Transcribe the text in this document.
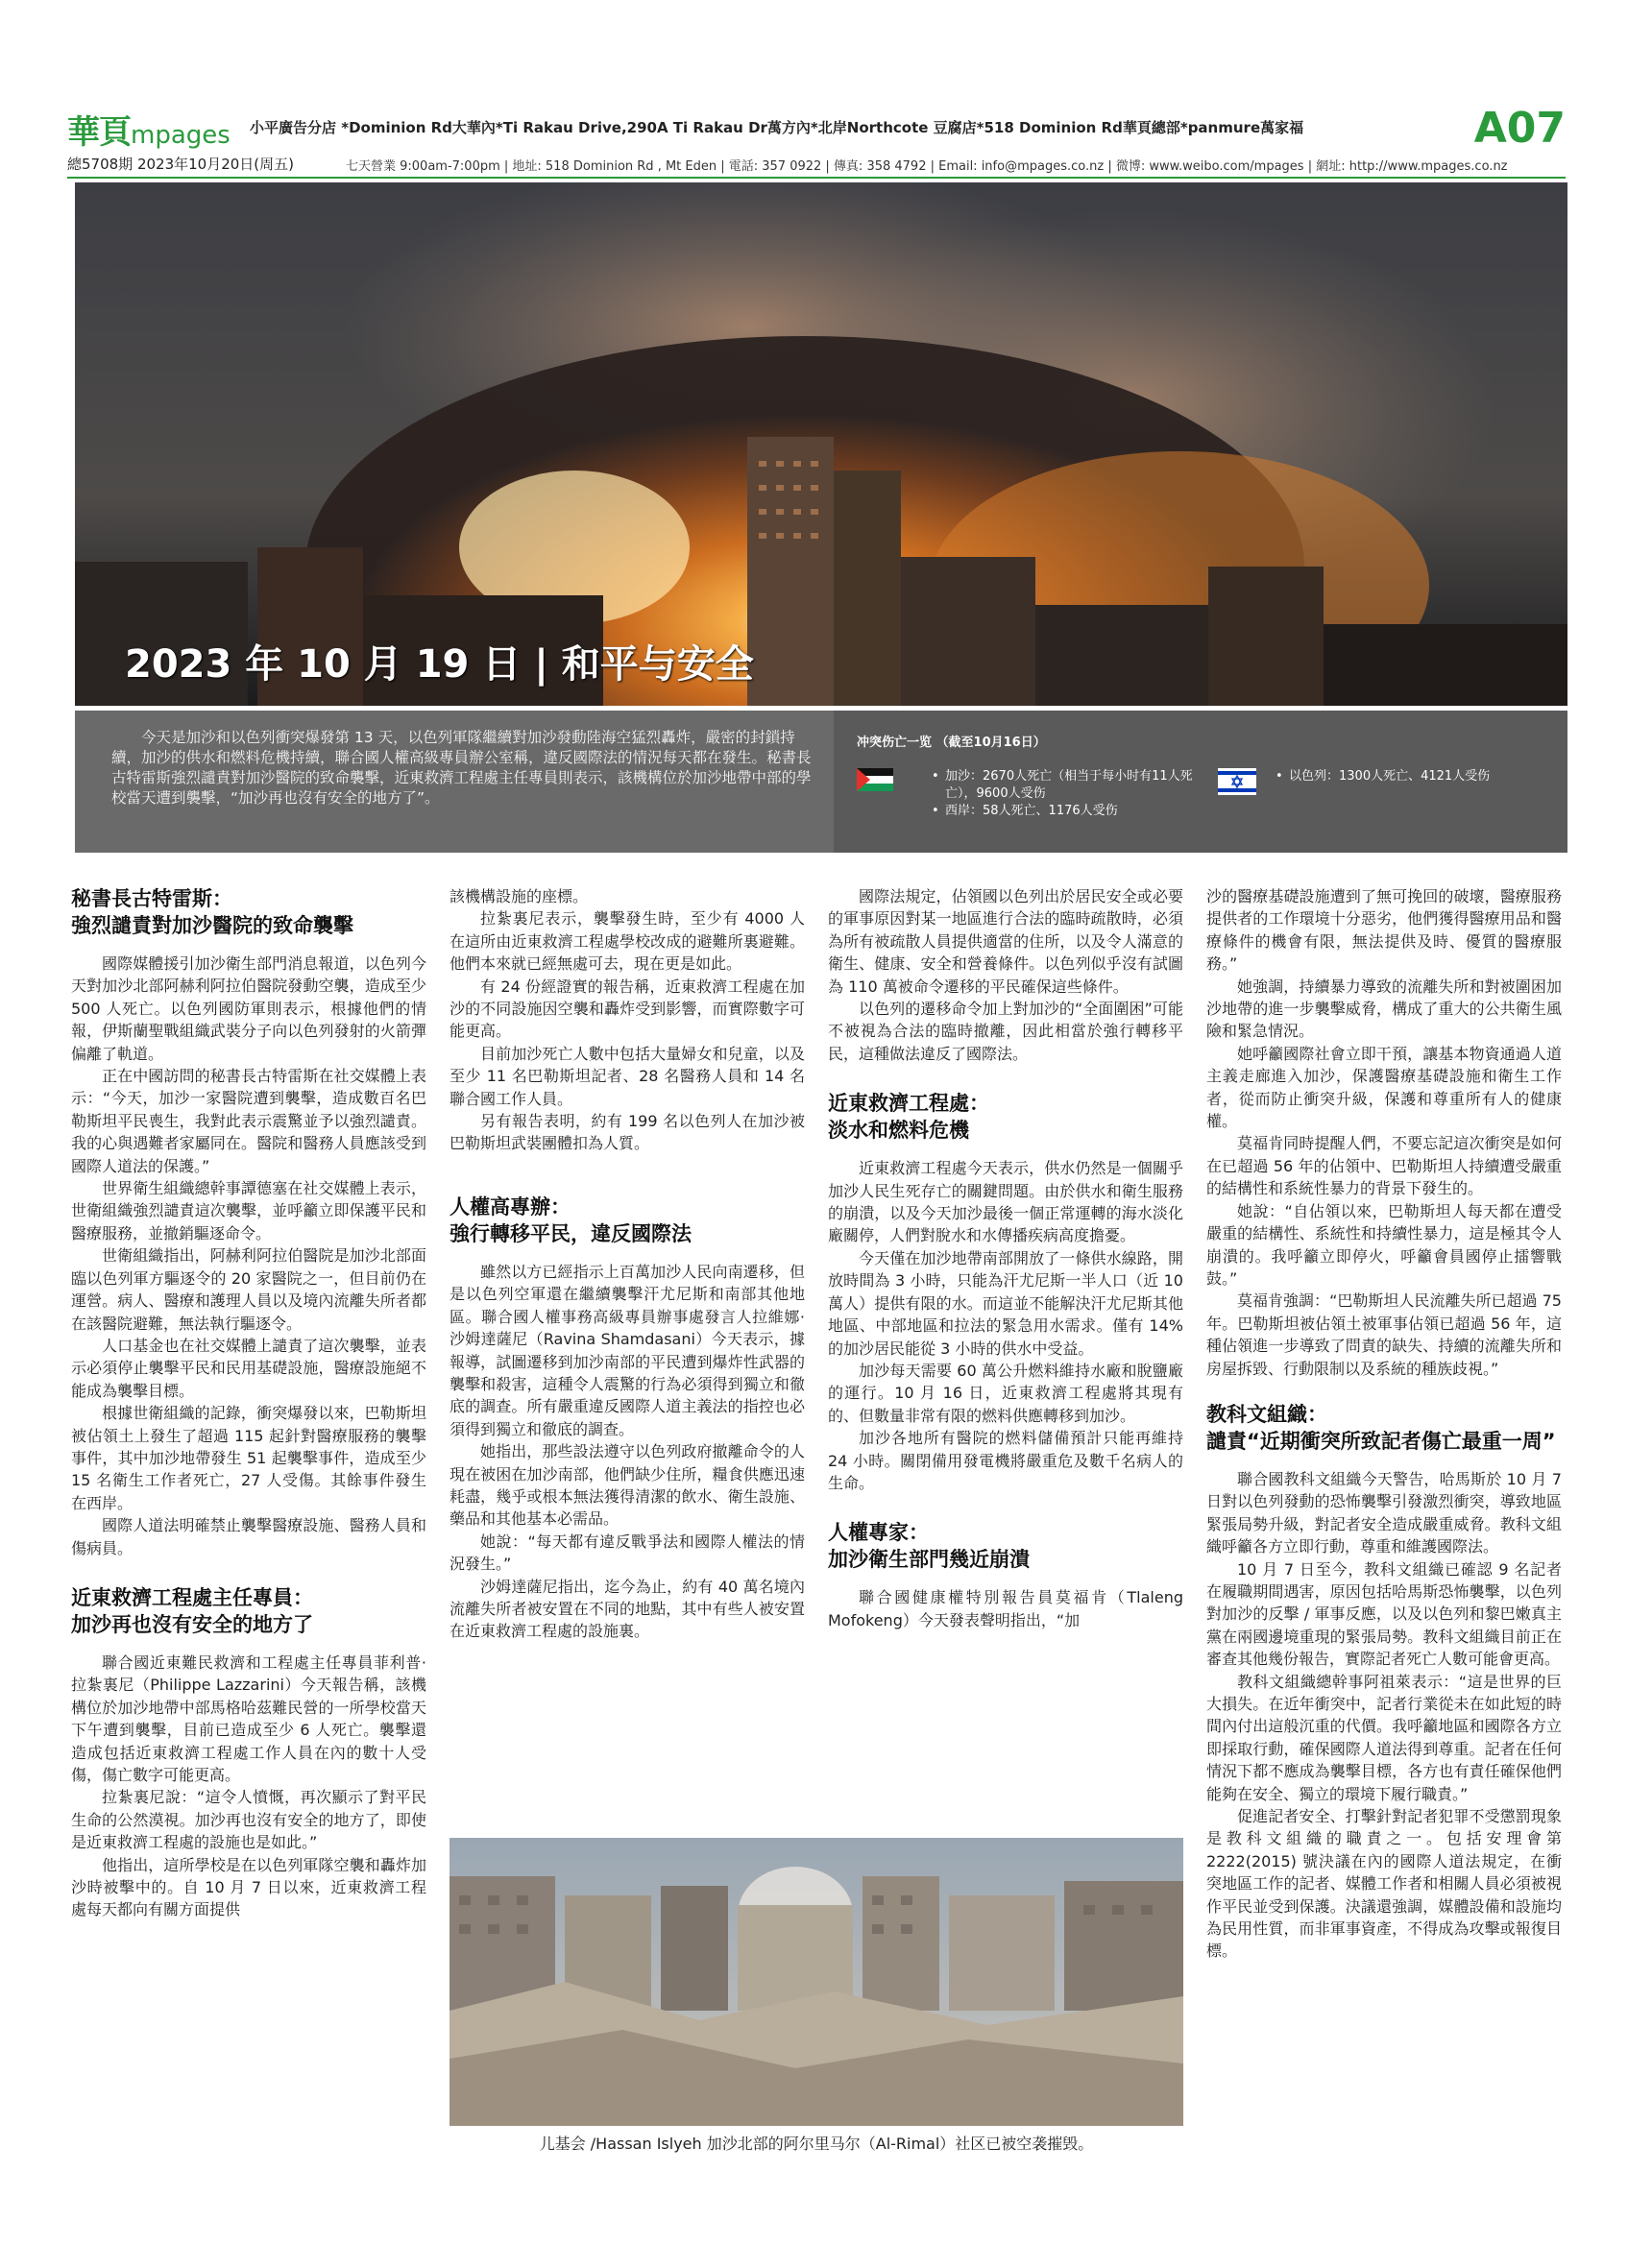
華頁mpages 小平廣告分店 *Dominion Rd大華內*Ti Rakau Drive,290A Ti Rakau Dr萬方內*北岸Northcote 豆腐店*518 Dominion Rd華頁總部*panmure萬家福	A07
總5708期 2023年10月20日(周五)	七天營業 9:00am-7:00pm | 地址: 518 Dominion Rd , Mt Eden | 電話: 357 0922 | 傳真: 358 4792 | Email: info@mpages.co.nz | 微博: www.weibo.com/mpages | 網址: http://www.mpages.co.nz
2023 年 10 月 19 日 | 和平与安全
今天是加沙和以色列衝突爆發第 13 天，以色列軍隊繼續對加沙發動陸海空猛烈轟炸，嚴密的封鎖持續，加沙的供水和燃料危機持續，聯合國人權高級專員辦公室稱，違反國際法的情況每天都在發生。秘書長古特雷斯強烈譴責對加沙醫院的致命襲擊，近東救濟工程處主任專員則表示，該機構位於加沙地帶中部的學校當天遭到襲擊，“加沙再也沒有安全的地方了”。
冲突伤亡一览 （截至10月16日）
• 加沙：2670人死亡（相当于每小时有11人死亡），9600人受伤
• 西岸：58人死亡、1176人受伤
• 以色列：1300人死亡、4121人受伤
秘書長古特雷斯：
強烈譴責對加沙醫院的致命襲擊

國際媒體援引加沙衛生部門消息報道，以色列今天對加沙北部阿赫利阿拉伯醫院發動空襲，造成至少 500 人死亡。以色列國防軍則表示，根據他們的情報，伊斯蘭聖戰組織武裝分子向以色列發射的火箭彈偏離了軌道。

正在中國訪問的秘書長古特雷斯在社交媒體上表示：“今天，加沙一家醫院遭到襲擊，造成數百名巴勒斯坦平民喪生，我對此表示震驚並予以強烈譴責。我的心與遇難者家屬同在。醫院和醫務人員應該受到國際人道法的保護。”

世界衛生組織總幹事譚德塞在社交媒體上表示，世衛組織強烈譴責這次襲擊，並呼籲立即保護平民和醫療服務，並撤銷驅逐命令。

世衛組織指出，阿赫利阿拉伯醫院是加沙北部面臨以色列軍方驅逐令的 20 家醫院之一，但目前仍在運營。病人、醫療和護理人員以及境內流離失所者都在該醫院避難，無法執行驅逐令。

人口基金也在社交媒體上譴責了這次襲擊，並表示必須停止襲擊平民和民用基礎設施，醫療設施絕不能成為襲擊目標。

根據世衛組織的記錄，衝突爆發以來，巴勒斯坦被佔領土上發生了超過 115 起針對醫療服務的襲擊事件，其中加沙地帶發生 51 起襲擊事件，造成至少 15 名衛生工作者死亡，27 人受傷。其餘事件發生在西岸。

國際人道法明確禁止襲擊醫療設施、醫務人員和傷病員。

近東救濟工程處主任專員：
加沙再也沒有安全的地方了

聯合國近東難民救濟和工程處主任專員菲利普·拉紮裏尼（Philippe Lazzarini）今天報告稱，該機構位於加沙地帶中部馬格哈茲難民營的一所學校當天下午遭到襲擊，目前已造成至少 6 人死亡。襲擊還造成包括近東救濟工程處工作人員在內的數十人受傷，傷亡數字可能更高。

拉紮裏尼說：“這令人憤慨，再次顯示了對平民生命的公然漠視。加沙再也沒有安全的地方了，即使是近東救濟工程處的設施也是如此。”

他指出，這所學校是在以色列軍隊空襲和轟炸加沙時被擊中的。自 10 月 7 日以來，近東救濟工程處每天都向有關方面提供

該機構設施的座標。

拉紮裏尼表示，襲擊發生時，至少有 4000 人在這所由近東救濟工程處學校改成的避難所裏避難。他們本來就已經無處可去，現在更是如此。

有 24 份經證實的報告稱，近東救濟工程處在加沙的不同設施因空襲和轟炸受到影響，而實際數字可能更高。

目前加沙死亡人數中包括大量婦女和兒童，以及至少 11 名巴勒斯坦記者、28 名醫務人員和 14 名聯合國工作人員。

另有報告表明，約有 199 名以色列人在加沙被巴勒斯坦武裝團體扣為人質。

人權高專辦：
強行轉移平民，違反國際法

雖然以方已經指示上百萬加沙人民向南遷移，但是以色列空軍還在繼續襲擊汗尤尼斯和南部其他地區。聯合國人權事務高級專員辦事處發言人拉維娜·沙姆達薩尼（Ravina Shamdasani）今天表示，據報導，試圖遷移到加沙南部的平民遭到爆炸性武器的襲擊和殺害，這種令人震驚的行為必須得到獨立和徹底的調查。所有嚴重違反國際人道主義法的指控也必須得到獨立和徹底的調查。

她指出，那些設法遵守以色列政府撤離命令的人現在被困在加沙南部，他們缺少住所，糧食供應迅速耗盡，幾乎或根本無法獲得清潔的飲水、衛生設施、藥品和其他基本必需品。

她說：“每天都有違反戰爭法和國際人權法的情況發生。”

沙姆達薩尼指出，迄今為止，約有 40 萬名境內流離失所者被安置在不同的地點，其中有些人被安置在近東救濟工程處的設施裏。

國際法規定，佔領國以色列出於居民安全或必要的軍事原因對某一地區進行合法的臨時疏散時，必須為所有被疏散人員提供適當的住所，以及令人滿意的衛生、健康、安全和營養條件。以色列似乎沒有試圖為 110 萬被命令遷移的平民確保這些條件。

以色列的遷移命令加上對加沙的“全面圍困”可能不被視為合法的臨時撤離，因此相當於強行轉移平民，這種做法違反了國際法。

近東救濟工程處：
淡水和燃料危機

近東救濟工程處今天表示，供水仍然是一個關乎加沙人民生死存亡的關鍵問題。由於供水和衛生服務的崩潰，以及今天加沙最後一個正常運轉的海水淡化廠關停，人們對脫水和水傳播疾病高度擔憂。

今天僅在加沙地帶南部開放了一條供水線路，開放時間為 3 小時，只能為汗尤尼斯一半人口（近 10 萬人）提供有限的水。而這並不能解決汗尤尼斯其他地區、中部地區和拉法的緊急用水需求。僅有 14% 的加沙居民能從 3 小時的供水中受益。

加沙每天需要 60 萬公升燃料維持水廠和脫鹽廠的運行。10 月 16 日，近東救濟工程處將其現有的、但數量非常有限的燃料供應轉移到加沙。

加沙各地所有醫院的燃料儲備預計只能再維持 24 小時。關閉備用發電機將嚴重危及數千名病人的生命。

人權專家：
加沙衛生部門幾近崩潰

聯合國健康權特別報告員莫福肯（Tlaleng Mofokeng）今天發表聲明指出，“加

沙的醫療基礎設施遭到了無可挽回的破壞，醫療服務提供者的工作環境十分惡劣，他們獲得醫療用品和醫療條件的機會有限，無法提供及時、優質的醫療服務。”

她強調，持續暴力導致的流離失所和對被圍困加沙地帶的進一步襲擊威脅，構成了重大的公共衛生風險和緊急情況。

她呼籲國際社會立即干預，讓基本物資通過人道主義走廊進入加沙，保護醫療基礎設施和衛生工作者，從而防止衝突升級，保護和尊重所有人的健康權。

莫福肯同時提醒人們，不要忘記這次衝突是如何在已超過 56 年的佔領中、巴勒斯坦人持續遭受嚴重的結構性和系統性暴力的背景下發生的。

她說：“自佔領以來，巴勒斯坦人每天都在遭受嚴重的結構性、系統性和持續性暴力，這是極其令人崩潰的。我呼籲立即停火，呼籲會員國停止擂響戰鼓。”

莫福肯強調：“巴勒斯坦人民流離失所已超過 75 年。巴勒斯坦被佔領土被軍事佔領已超過 56 年，這種佔領進一步導致了問責的缺失、持續的流離失所和房屋拆毀、行動限制以及系統的種族歧視。”

教科文組織：
譴責“近期衝突所致記者傷亡最重一周”

聯合國教科文組織今天警告，哈馬斯於 10 月 7 日對以色列發動的恐怖襲擊引發激烈衝突，導致地區緊張局勢升級，對記者安全造成嚴重威脅。教科文組織呼籲各方立即行動，尊重和維護國際法。

10 月 7 日至今，教科文組織已確認 9 名記者在履職期間遇害，原因包括哈馬斯恐怖襲擊，以色列對加沙的反擊 / 軍事反應，以及以色列和黎巴嫩真主黨在兩國邊境重現的緊張局勢。教科文組織目前正在審查其他幾份報告，實際記者死亡人數可能會更高。

教科文組織總幹事阿祖萊表示：“這是世界的巨大損失。在近年衝突中，記者行業從未在如此短的時間內付出這般沉重的代價。我呼籲地區和國際各方立即採取行動，確保國際人道法得到尊重。記者在任何情況下都不應成為襲擊目標，各方也有責任確保他們能夠在安全、獨立的環境下履行職責。”

促進記者安全、打擊針對記者犯罪不受懲罰現象是教科文組織的職責之一。包括安理會第 2222(2015) 號決議在內的國際人道法規定，在衝突地區工作的記者、媒體工作者和相關人員必須被視作平民並受到保護。決議還強調，媒體設備和設施均為民用性質，而非軍事資產，不得成為攻擊或報復目標。

儿基会 /Hassan Islyeh 加沙北部的阿尔里马尔（Al-Rimal）社区已被空袭摧毁。
